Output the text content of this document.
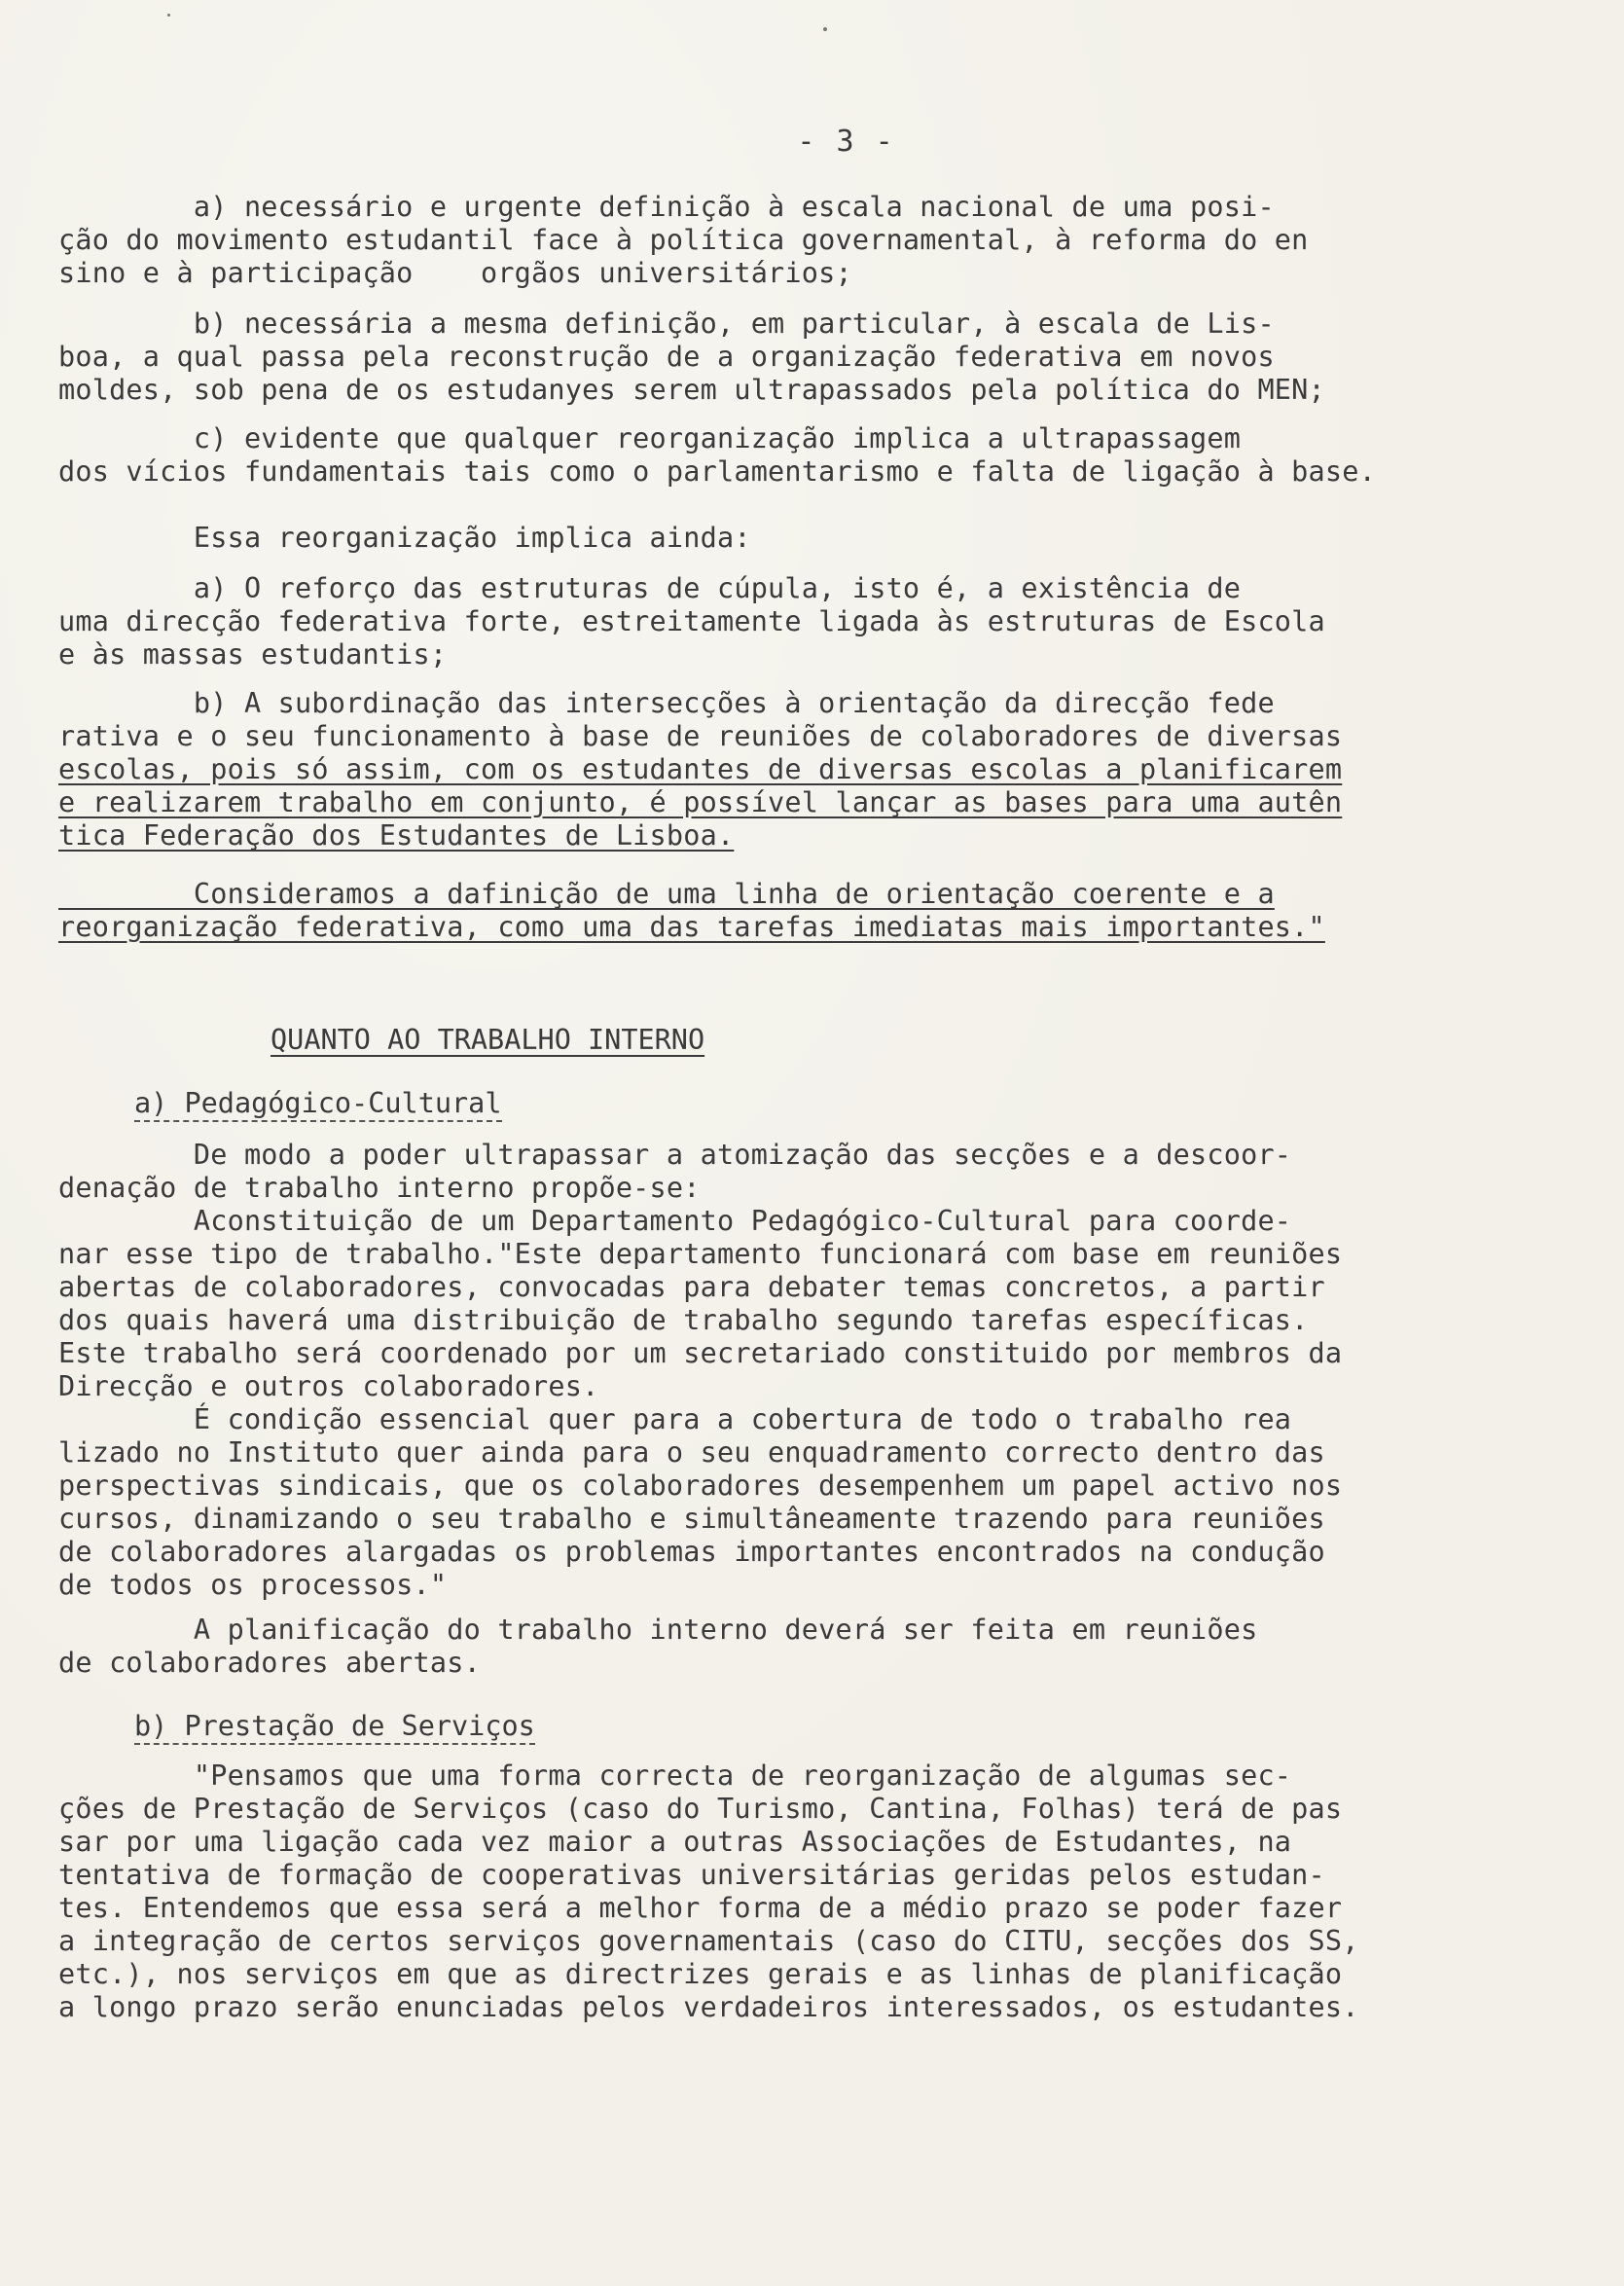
- 3 -
a) necessário e urgente definição à escala nacional de uma posi-
ção do movimento estudantil face à política governamental, à reforma do en
sino e à participação    orgãos universitários;
b) necessária a mesma definição, em particular, à escala de Lis-
boa, a qual passa pela reconstrução de a organização federativa em novos
moldes, sob pena de os estudanyes serem ultrapassados pela política do MEN;
c) evidente que qualquer reorganização implica a ultrapassagem
dos vícios fundamentais tais como o parlamentarismo e falta de ligação à base.
Essa reorganização implica ainda:
a) O reforço das estruturas de cúpula, isto é, a existência de
uma direcção federativa forte, estreitamente ligada às estruturas de Escola
e às massas estudantis;
b) A subordinação das intersecções à orientação da direcção fede
rativa e o seu funcionamento à base de reuniões de colaboradores de diversas
escolas, pois só assim, com os estudantes de diversas escolas a planificarem
e realizarem trabalho em conjunto, é possível lançar as bases para uma autên
tica Federação dos Estudantes de Lisboa.
Consideramos a dafinição de uma linha de orientação coerente e a
reorganização federativa, como uma das tarefas imediatas mais importantes."
QUANTO AO TRABALHO INTERNO
a) Pedagógico-Cultural
De modo a poder ultrapassar a atomização das secções e a descoor-
denação de trabalho interno propõe-se:
Aconstituição de um Departamento Pedagógico-Cultural para coorde-
nar esse tipo de trabalho."Este departamento funcionará com base em reuniões
abertas de colaboradores, convocadas para debater temas concretos, a partir
dos quais haverá uma distribuição de trabalho segundo tarefas específicas.
Este trabalho será coordenado por um secretariado constituido por membros da
Direcção e outros colaboradores.
É condição essencial quer para a cobertura de todo o trabalho rea
lizado no Instituto quer ainda para o seu enquadramento correcto dentro das
perspectivas sindicais, que os colaboradores desempenhem um papel activo nos
cursos, dinamizando o seu trabalho e simultâneamente trazendo para reuniões
de colaboradores alargadas os problemas importantes encontrados na condução
de todos os processos."
A planificação do trabalho interno deverá ser feita em reuniões
de colaboradores abertas.
b) Prestação de Serviços
"Pensamos que uma forma correcta de reorganização de algumas sec-
ções de Prestação de Serviços (caso do Turismo, Cantina, Folhas) terá de pas
sar por uma ligação cada vez maior a outras Associações de Estudantes, na
tentativa de formação de cooperativas universitárias geridas pelos estudan-
tes. Entendemos que essa será a melhor forma de a médio prazo se poder fazer
a integração de certos serviços governamentais (caso do CITU, secções dos SS,
etc.), nos serviços em que as directrizes gerais e as linhas de planificação
a longo prazo serão enunciadas pelos verdadeiros interessados, os estudantes.
